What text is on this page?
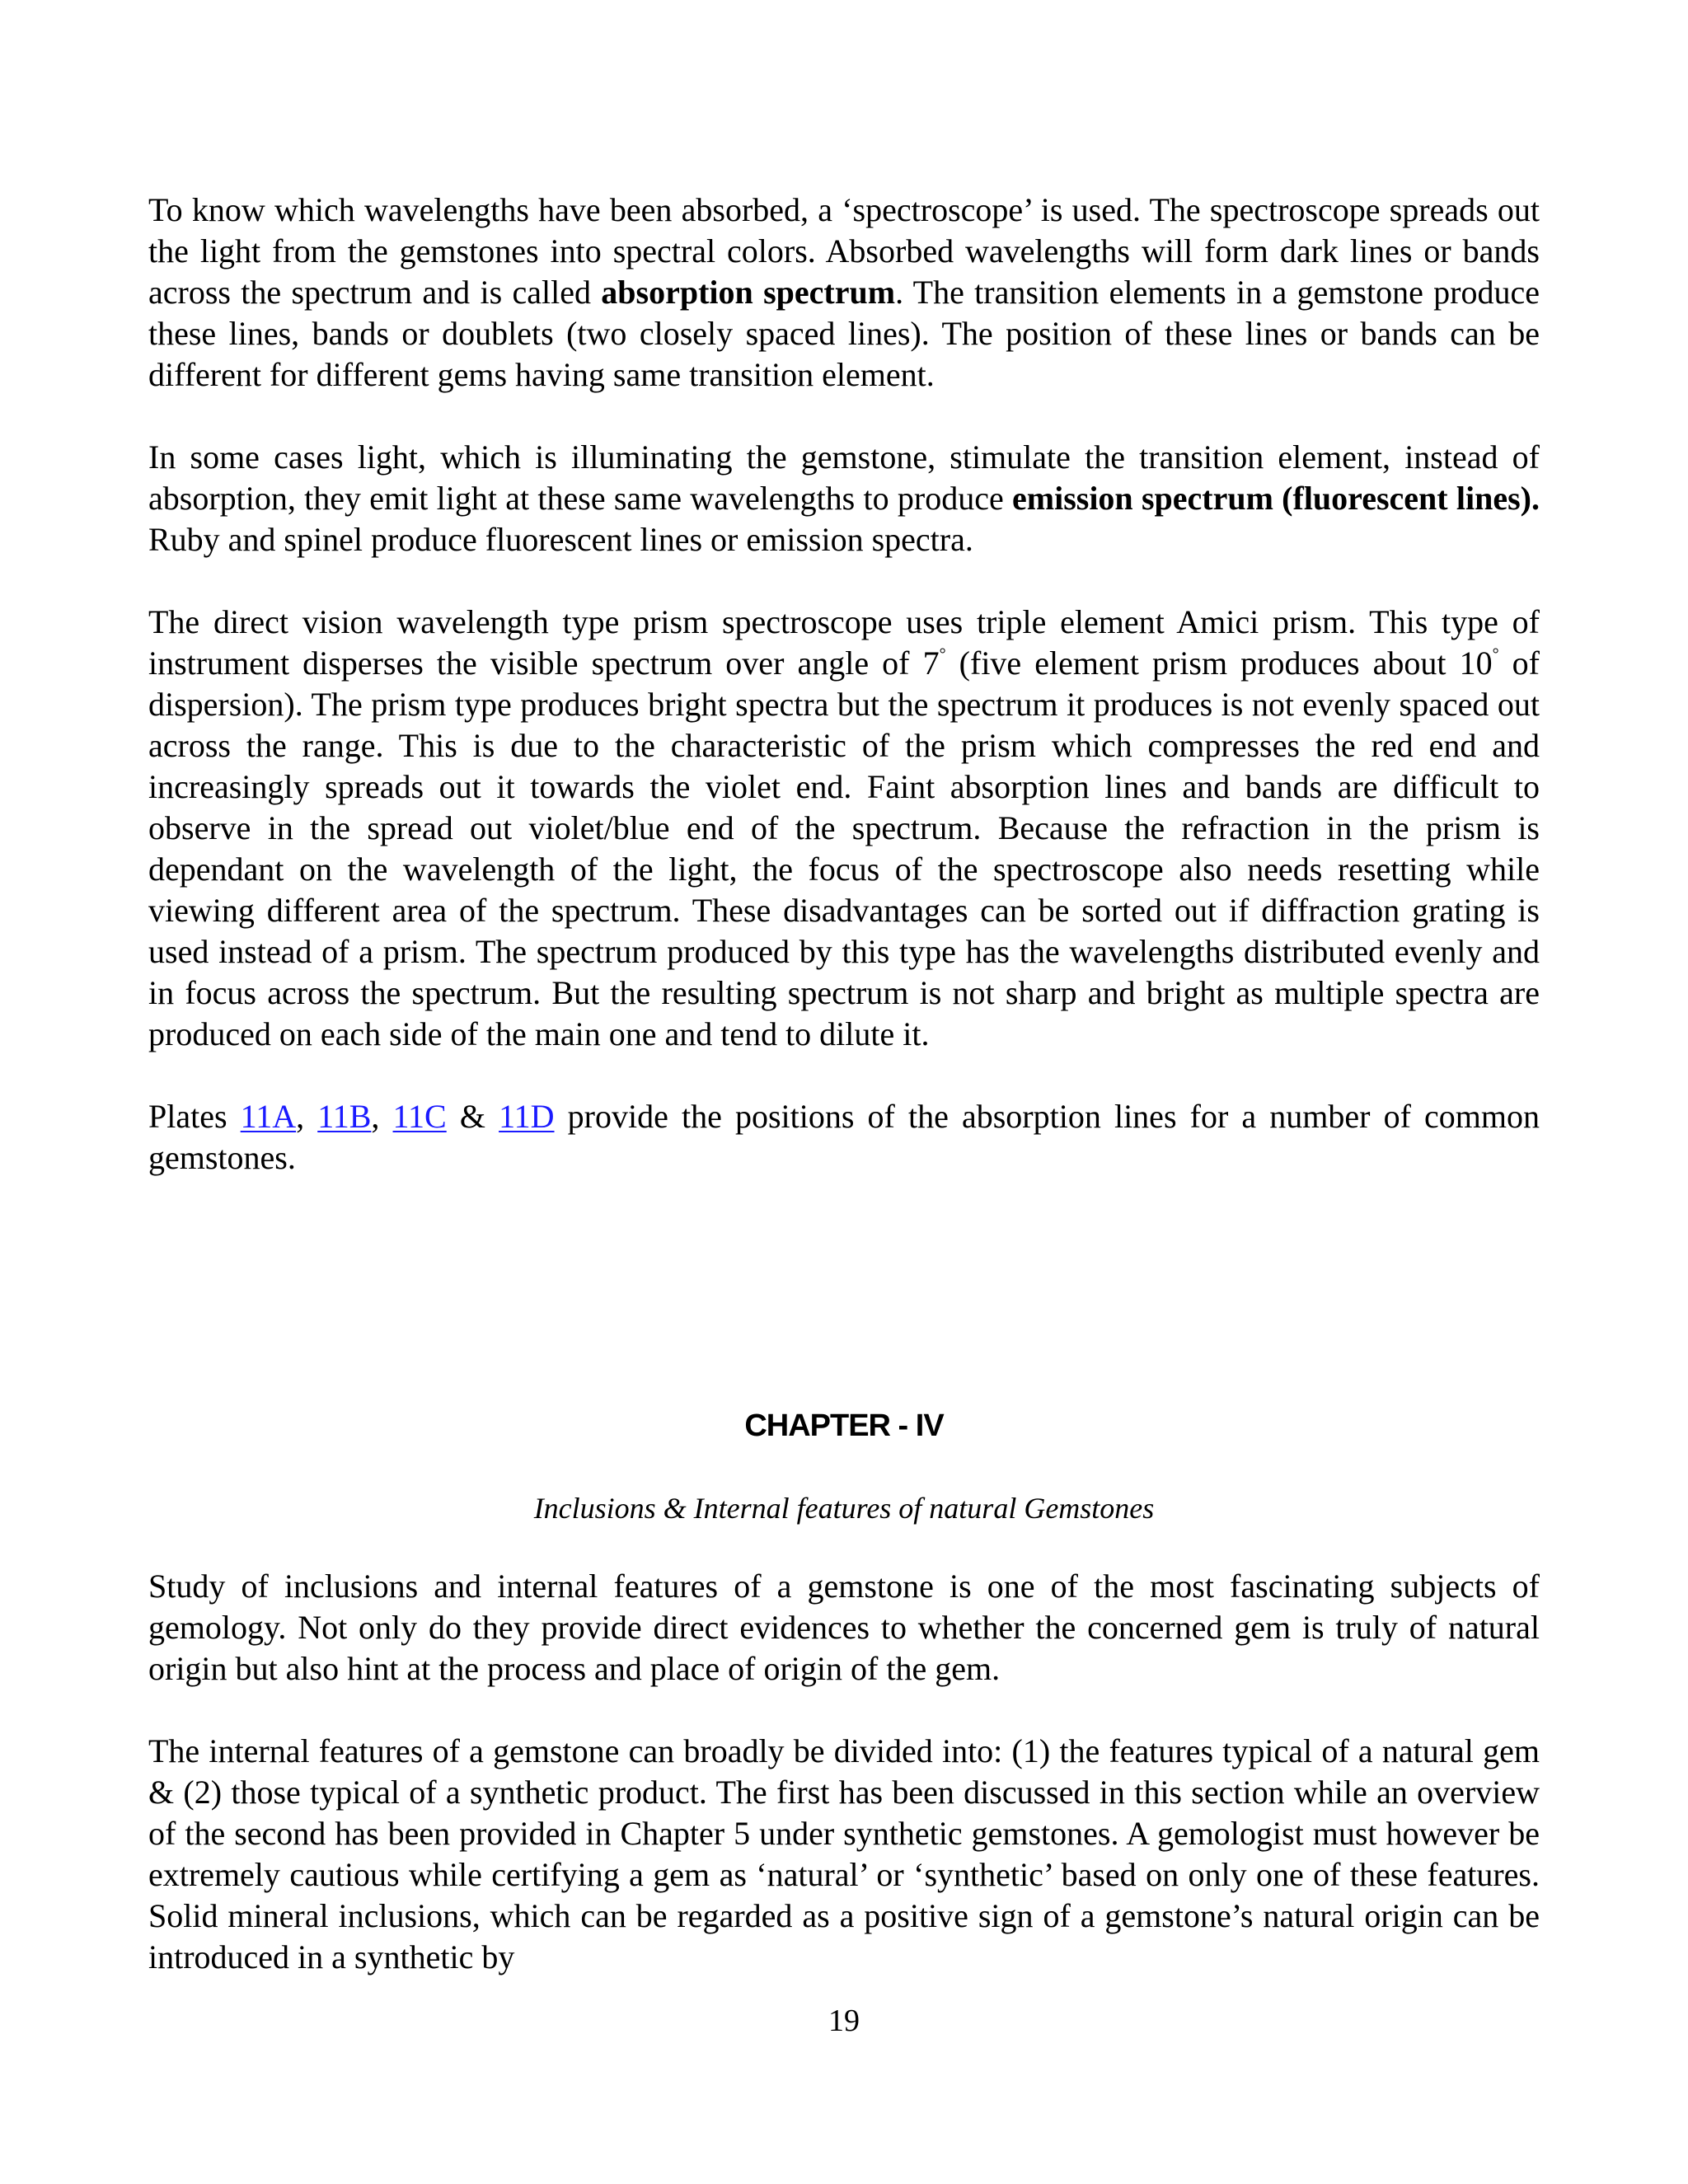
To know which wavelengths have been absorbed, a ‘spectroscope’ is used. The spectroscope spreads out the light from the gemstones into spectral colors. Absorbed wavelengths will form dark lines or bands across the spectrum and is called absorption spectrum. The transition elements in a gemstone produce these lines, bands or doublets (two closely spaced lines). The position of these lines or bands can be different for different gems having same transition element.

In some cases light, which is illuminating the gemstone, stimulate the transition element, instead of absorption, they emit light at these same wavelengths to produce emission spectrum (fluorescent lines). Ruby and spinel produce fluorescent lines or emission spectra.

The direct vision wavelength type prism spectroscope uses triple element Amici prism. This type of instrument disperses the visible spectrum over angle of 7° (five element prism produces about 10° of dispersion). The prism type produces bright spectra but the spectrum it produces is not evenly spaced out across the range. This is due to the characteristic of the prism which compresses the red end and increasingly spreads out it towards the violet end. Faint absorption lines and bands are difficult to observe in the spread out violet/blue end of the spectrum. Because the refraction in the prism is dependant on the wavelength of the light, the focus of the spectroscope also needs resetting while viewing different area of the spectrum. These disadvantages can be sorted out if diffraction grating is used instead of a prism. The spectrum produced by this type has the wavelengths distributed evenly and in focus across the spectrum. But the resulting spectrum is not sharp and bright as multiple spectra are produced on each side of the main one and tend to dilute it.

Plates 11A, 11B, 11C & 11D provide the positions of the absorption lines for a number of common gemstones.

CHAPTER - IV
Inclusions & Internal features of natural Gemstones

Study of inclusions and internal features of a gemstone is one of the most fascinating subjects of gemology. Not only do they provide direct evidences to whether the concerned gem is truly of natural origin but also hint at the process and place of origin of the gem.

The internal features of a gemstone can broadly be divided into: (1) the features typical of a natural gem & (2) those typical of a synthetic product. The first has been discussed in this section while an overview of the second has been provided in Chapter 5 under synthetic gemstones. A gemologist must however be extremely cautious while certifying a gem as ‘natural’ or ‘synthetic’ based on only one of these features. Solid mineral inclusions, which can be regarded as a positive sign of a gemstone’s natural origin can be introduced in a synthetic by

19
